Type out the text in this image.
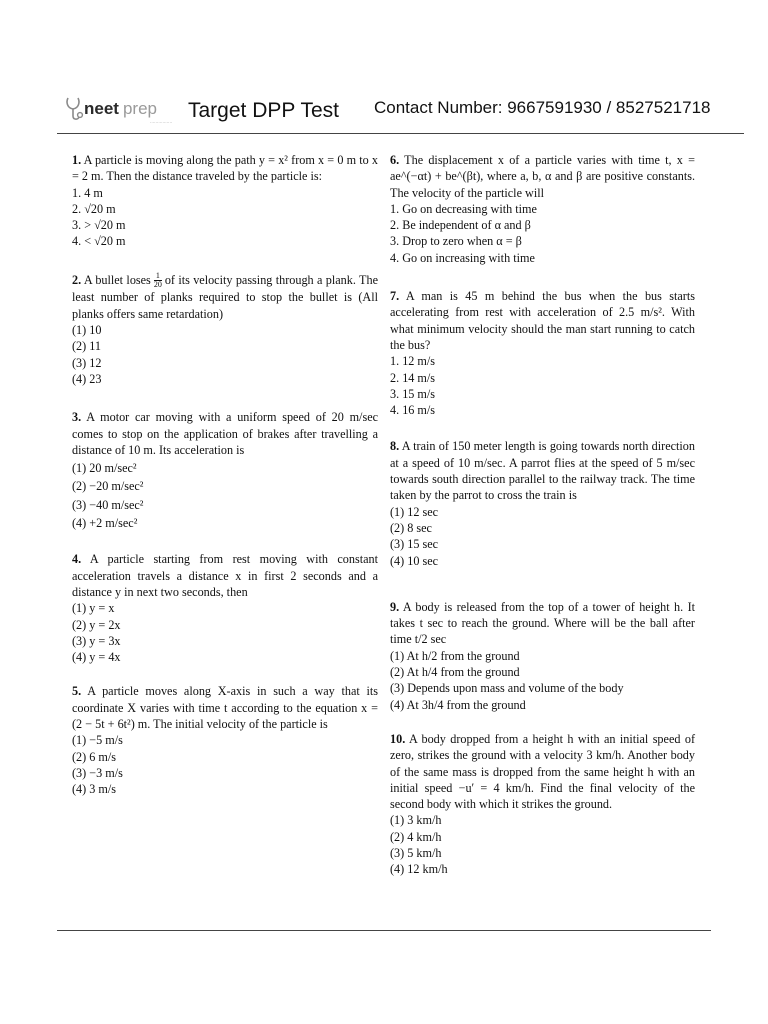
neet prep
................ Target DPP Test Contact Number: 9667591930 / 8527521718
1. A particle is moving along the path y = x² from x = 0 m to x = 2 m. Then the distance traveled by the particle is:
1. 4 m
2. √20 m
3. > √20 m
4. < √20 m
2. A bullet loses $\frac{1}{20}$ of its velocity passing through a plank. The least number of planks required to stop the bullet is (All planks offers same retardation)
(1) 10
(2) 11
(3) 12
(4) 23
3. A motor car moving with a uniform speed of 20 m/sec comes to stop on the application of brakes after travelling a distance of 10 m. Its acceleration is
(1) 20 m/sec²
(2) −20 m/sec²
(3) −40 m/sec²
(4) +2 m/sec²
4. A particle starting from rest moving with constant acceleration travels a distance x in first 2 seconds and a distance y in next two seconds, then
(1) y = x
(2) y = 2x
(3) y = 3x
(4) y = 4x
5. A particle moves along X-axis in such a way that its coordinate X varies with time t according to the equation x = (2 − 5t + 6t²) m. The initial velocity of the particle is
(1) −5 m/s
(2) 6 m/s
(3) −3 m/s
(4) 3 m/s
6. The displacement x of a particle varies with time t, x = ae^(−αt) + be^(βt), where a, b, α and β are positive constants. The velocity of the particle will
1. Go on decreasing with time
2. Be independent of α and β
3. Drop to zero when α = β
4. Go on increasing with time
7. A man is 45 m behind the bus when the bus starts accelerating from rest with acceleration of 2.5 m/s². With what minimum velocity should the man start running to catch the bus?
1. 12 m/s
2. 14 m/s
3. 15 m/s
4. 16 m/s
8. A train of 150 meter length is going towards north direction at a speed of 10 m/sec. A parrot flies at the speed of 5 m/sec towards south direction parallel to the railway track. The time taken by the parrot to cross the train is
(1) 12 sec
(2) 8 sec
(3) 15 sec
(4) 10 sec
9. A body is released from the top of a tower of height h. It takes t sec to reach the ground. Where will be the ball after time t/2 sec
(1) At h/2 from the ground
(2) At h/4 from the ground
(3) Depends upon mass and volume of the body
(4) At 3h/4 from the ground
10. A body dropped from a height h with an initial speed of zero, strikes the ground with a velocity 3 km/h. Another body of the same mass is dropped from the same height h with an initial speed −u′ = 4 km/h. Find the final velocity of the second body with which it strikes the ground.
(1) 3 km/h
(2) 4 km/h
(3) 5 km/h
(4) 12 km/h
